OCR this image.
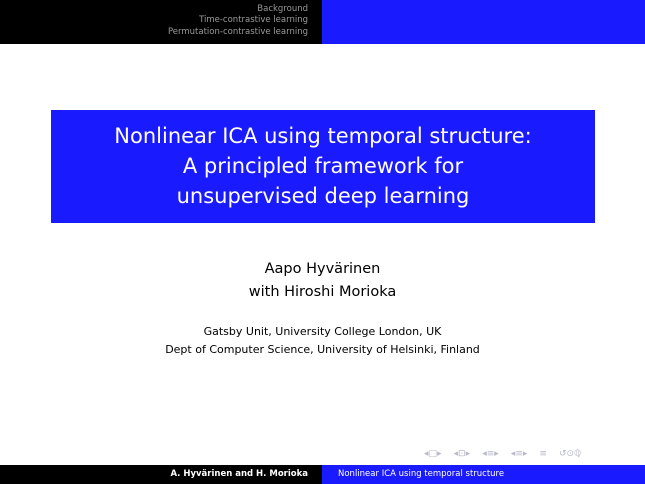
Background
Time-contrastive learning
Permutation-contrastive learning
Nonlinear ICA using temporal structure:
A principled framework for
unsupervised deep learning
Aapo Hyvärinen
with Hiroshi Morioka
Gatsby Unit, University College London, UK
Dept of Computer Science, University of Helsinki, Finland
◂ □ ▸ ◂ ⊡ ▸ ◂ ≡ ▸ ◂ ≡ ▸ ≡ ↺⊙ℚ
A. Hyvärinen and H. Morioka	Nonlinear ICA using temporal structure
